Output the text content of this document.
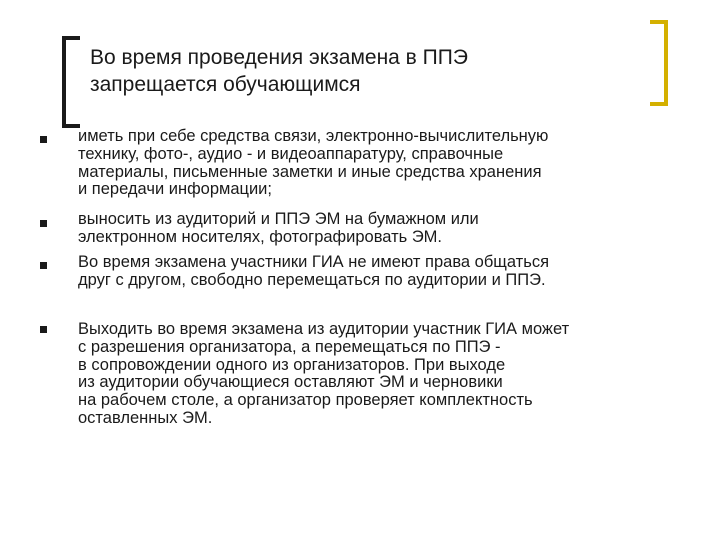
Во время проведения экзамена в ППЭ
запрещается обучающимся
иметь при себе средства связи, электронно-вычислительную
технику, фото-, аудио - и видеоаппаратуру, справочные
материалы, письменные заметки и иные средства хранения
и передачи информации;
выносить из аудиторий и ППЭ ЭМ на бумажном или
электронном носителях, фотографировать ЭМ.
Во время экзамена участники ГИА не имеют права общаться
друг с другом, свободно перемещаться по аудитории и ППЭ.
Выходить во время экзамена из аудитории участник ГИА может
с разрешения организатора, а перемещаться по ППЭ -
в сопровождении одного из организаторов. При выходе
из аудитории обучающиеся оставляют ЭМ и черновики
на рабочем столе, а организатор проверяет комплектность
оставленных ЭМ.
